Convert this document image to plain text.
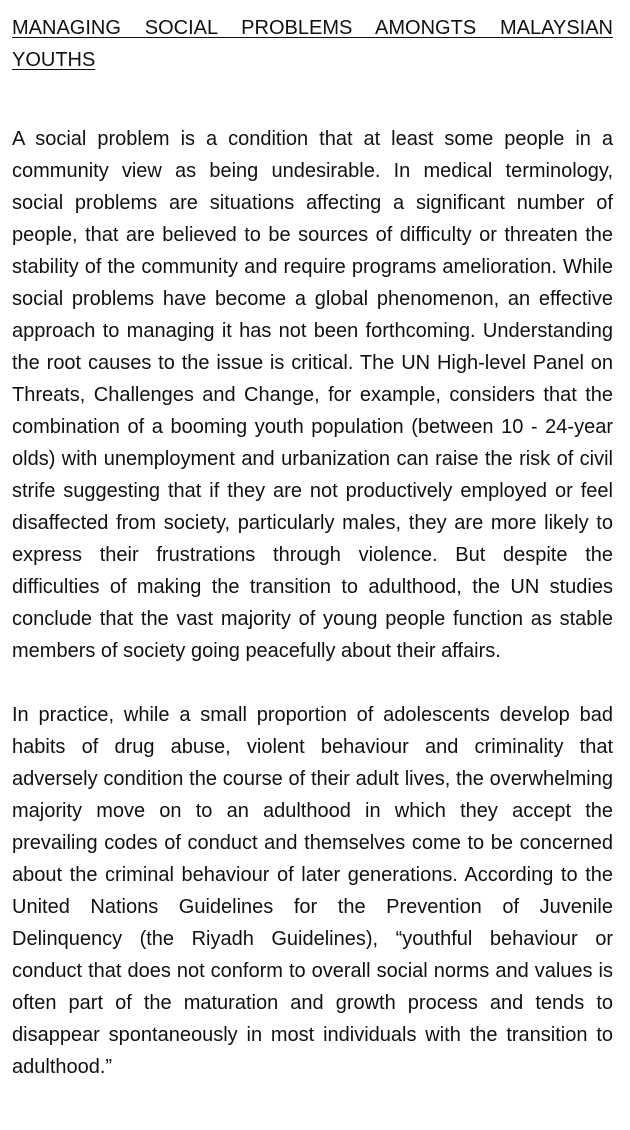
MANAGING SOCIAL PROBLEMS AMONGTS MALAYSIAN YOUTHS

A social problem is a condition that at least some people in a community view as being undesirable. In medical terminology, social problems are situations affecting a significant number of people, that are believed to be sources of difficulty or threaten the stability of the community and require programs amelioration. While social problems have become a global phenomenon, an effective approach to managing it has not been forthcoming. Understanding the root causes to the issue is critical. The UN High-level Panel on Threats, Challenges and Change, for example, considers that the combination of a booming youth population (between 10 - 24-year olds) with unemployment and urbanization can raise the risk of civil strife suggesting that if they are not productively employed or feel disaffected from society, particularly males, they are more likely to express their frustrations through violence. But despite the difficulties of making the transition to adulthood, the UN studies conclude that the vast majority of young people function as stable members of society going peacefully about their affairs.

In practice, while a small proportion of adolescents develop bad habits of drug abuse, violent behaviour and criminality that adversely condition the course of their adult lives, the overwhelming majority move on to an adulthood in which they accept the prevailing codes of conduct and themselves come to be concerned about the criminal behaviour of later generations. According to the United Nations Guidelines for the Prevention of Juvenile Delinquency (the Riyadh Guidelines), “youthful behaviour or conduct that does not conform to overall social norms and values is often part of the maturation and growth process and tends to disappear spontaneously in most individuals with the transition to adulthood.”
